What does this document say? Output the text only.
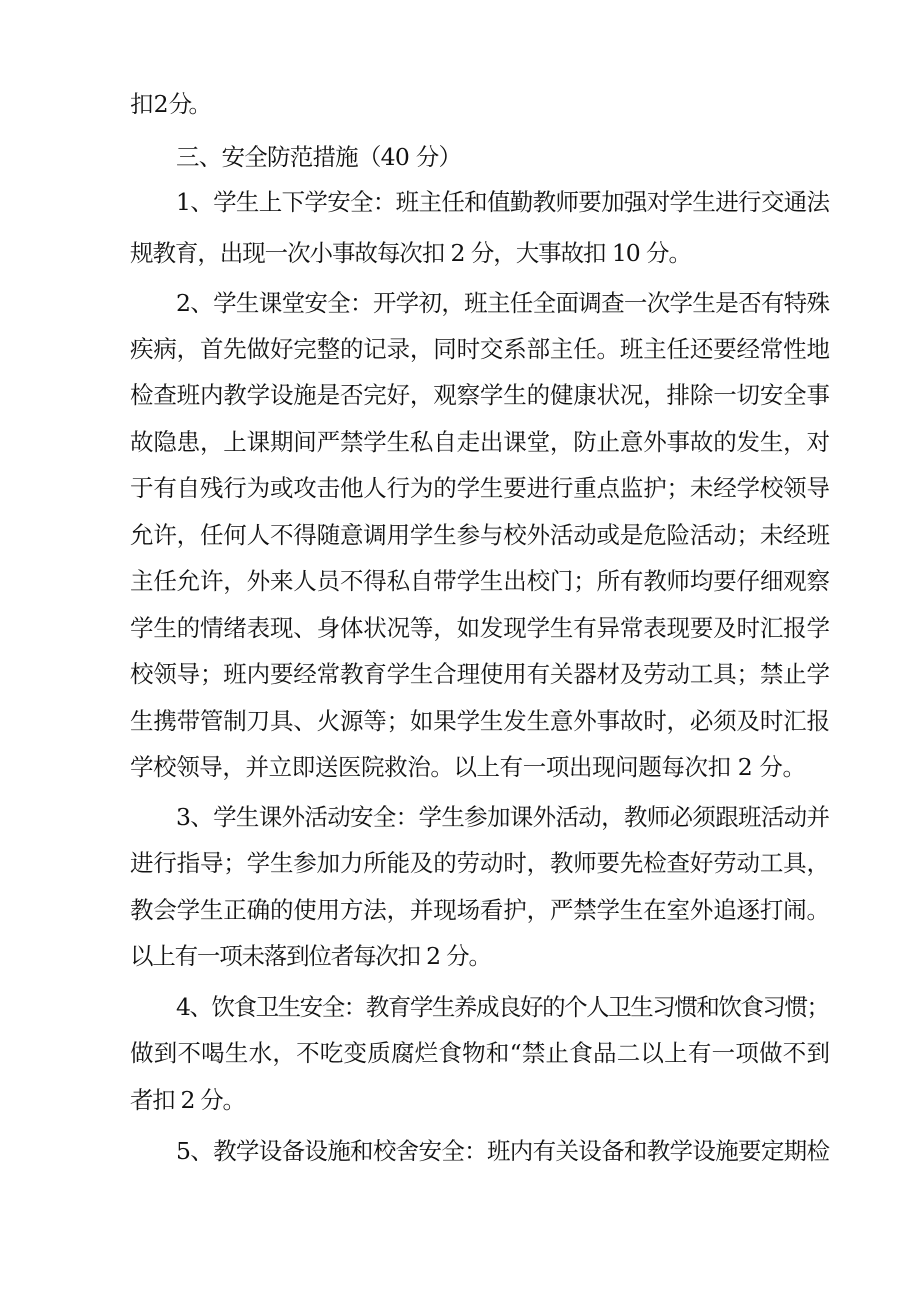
扣 2 分。
三、安全防范措施（40 分）
1、学生上下学安全：班主任和值勤教师要加强对学生进行交通法
规教育，出现一次小事故每次扣 2 分，大事故扣 10 分。
2、学生课堂安全：开学初，班主任全面调查一次学生是否有特殊
疾病，首先做好完整的记录，同时交系部主任。班主任还要经常性地
检查班内教学设施是否完好，观察学生的健康状况，排除一切安全事
故隐患，上课期间严禁学生私自走出课堂，防止意外事故的发生，对
于有自残行为或攻击他人行为的学生要进行重点监护；未经学校领导
允许，任何人不得随意调用学生参与校外活动或是危险活动；未经班
主任允许，外来人员不得私自带学生出校门；所有教师均要仔细观察
学生的情绪表现、身体状况等，如发现学生有异常表现要及时汇报学
校领导；班内要经常教育学生合理使用有关器材及劳动工具；禁止学
生携带管制刀具、火源等；如果学生发生意外事故时，必须及时汇报
学校领导，并立即送医院救治。以上有一项出现问题每次扣 2 分。
3、学生课外活动安全：学生参加课外活动，教师必须跟班活动并
进行指导；学生参加力所能及的劳动时，教师要先检查好劳动工具，
教会学生正确的使用方法，并现场看护，严禁学生在室外追逐打闹。
以上有一项未落到位者每次扣 2 分。
4、饮食卫生安全：教育学生养成良好的个人卫生习惯和饮食习惯；
做到不喝生水，不吃变质腐烂食物和“禁止食品二以上有一项做不到
者扣 2 分。
5、教学设备设施和校舍安全：班内有关设备和教学设施要定期检
